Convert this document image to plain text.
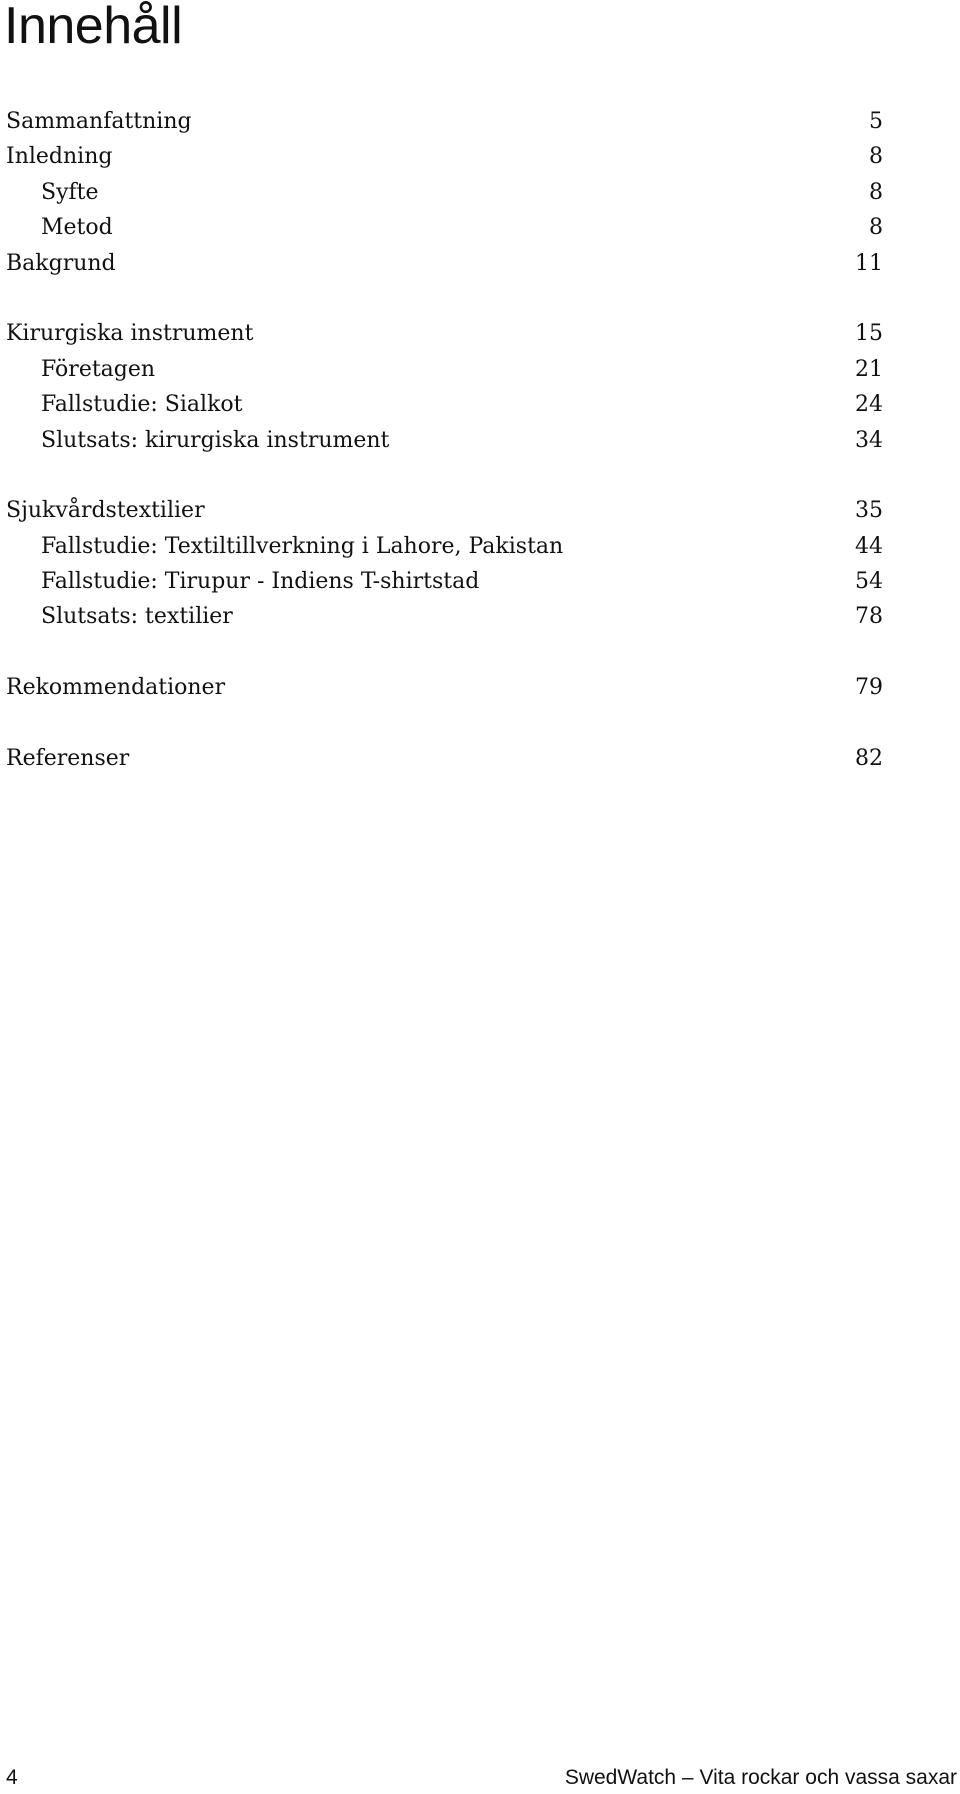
Innehåll
Sammanfattning	5
Inledning	8
Syfte	8
Metod	8
Bakgrund	11
Kirurgiska instrument	15
Företagen	21
Fallstudie: Sialkot	24
Slutsats: kirurgiska instrument	34
Sjukvårdstextilier	35
Fallstudie: Textiltillverkning i Lahore, Pakistan	44
Fallstudie: Tirupur - Indiens T-shirtstad	54
Slutsats: textilier	78
Rekommendationer	79
Referenser	82
4	SwedWatch – Vita rockar och vassa saxar
